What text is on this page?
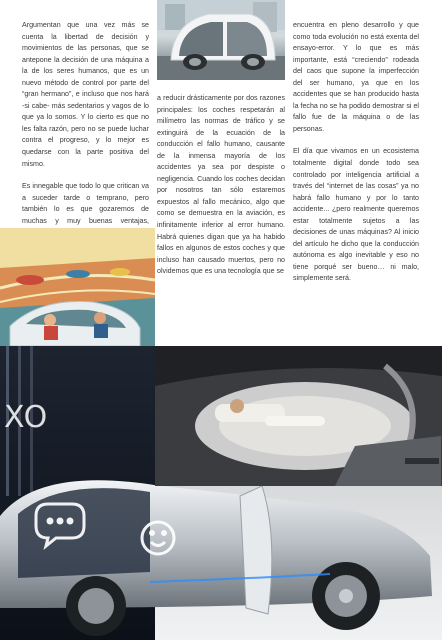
Argumentan que una vez más se cuenta la libertad de decisión y movimientos de las personas, que se antepone la decisión de una máquina a la de los seres humanos, que es un nuevo método de control por parte del “gran hermano”, e incluso que nos hará -si cabe- más sedentarios y vagos de lo que ya lo somos. Y lo cierto es que no les falta razón, pero no se puede luchar contra el progreso, y lo mejor es quedarse con la parte positiva del mismo.

Es innegable que todo lo que critican va a suceder tarde o temprano, pero también lo es que gozaremos de muchas y muy buenas ventajas,

a reducir drásticamente por dos razones principales: los coches respetarán al milímetro las normas de tráfico y se extinguirá de la ecuación de la conducción el fallo humano, causante de la inmensa mayoría de los accidentes ya sea por despiste o negligencia. Cuando los coches decidan por nosotros tan sólo estaremos expuestos al fallo mecánico, algo que como se demuestra en la aviación, es infinitamente inferior al error humano. Habrá quienes digan que ya ha habido fallos en algunos de estos coches y que incluso han causado muertos, pero no olvidemos que es una tecnología que se

encuentra en pleno desarrollo y que como toda evolución no está exenta del ensayo-error. Y lo que es más importante, está “creciendo” rodeada del caos que supone la imperfección del ser humano, ya que en los accidentes que se han producido hasta la fecha no se ha podido demostrar si el fallo fue de la máquina o de las personas.

El día que vivamos en un ecosistema totalmente digital donde todo sea controlado por inteligencia artificial a través del “internet de las cosas” ya no habrá fallo humano y por lo tanto accidente... ¿pero realmente queremos estar totalmente sujetos a las decisiones de unas máquinas? Al inicio del artículo he dicho que la conducción autónoma es algo inevitable y eso no tiene porqué ser bueno… ni malo, simplemente será.

XO
